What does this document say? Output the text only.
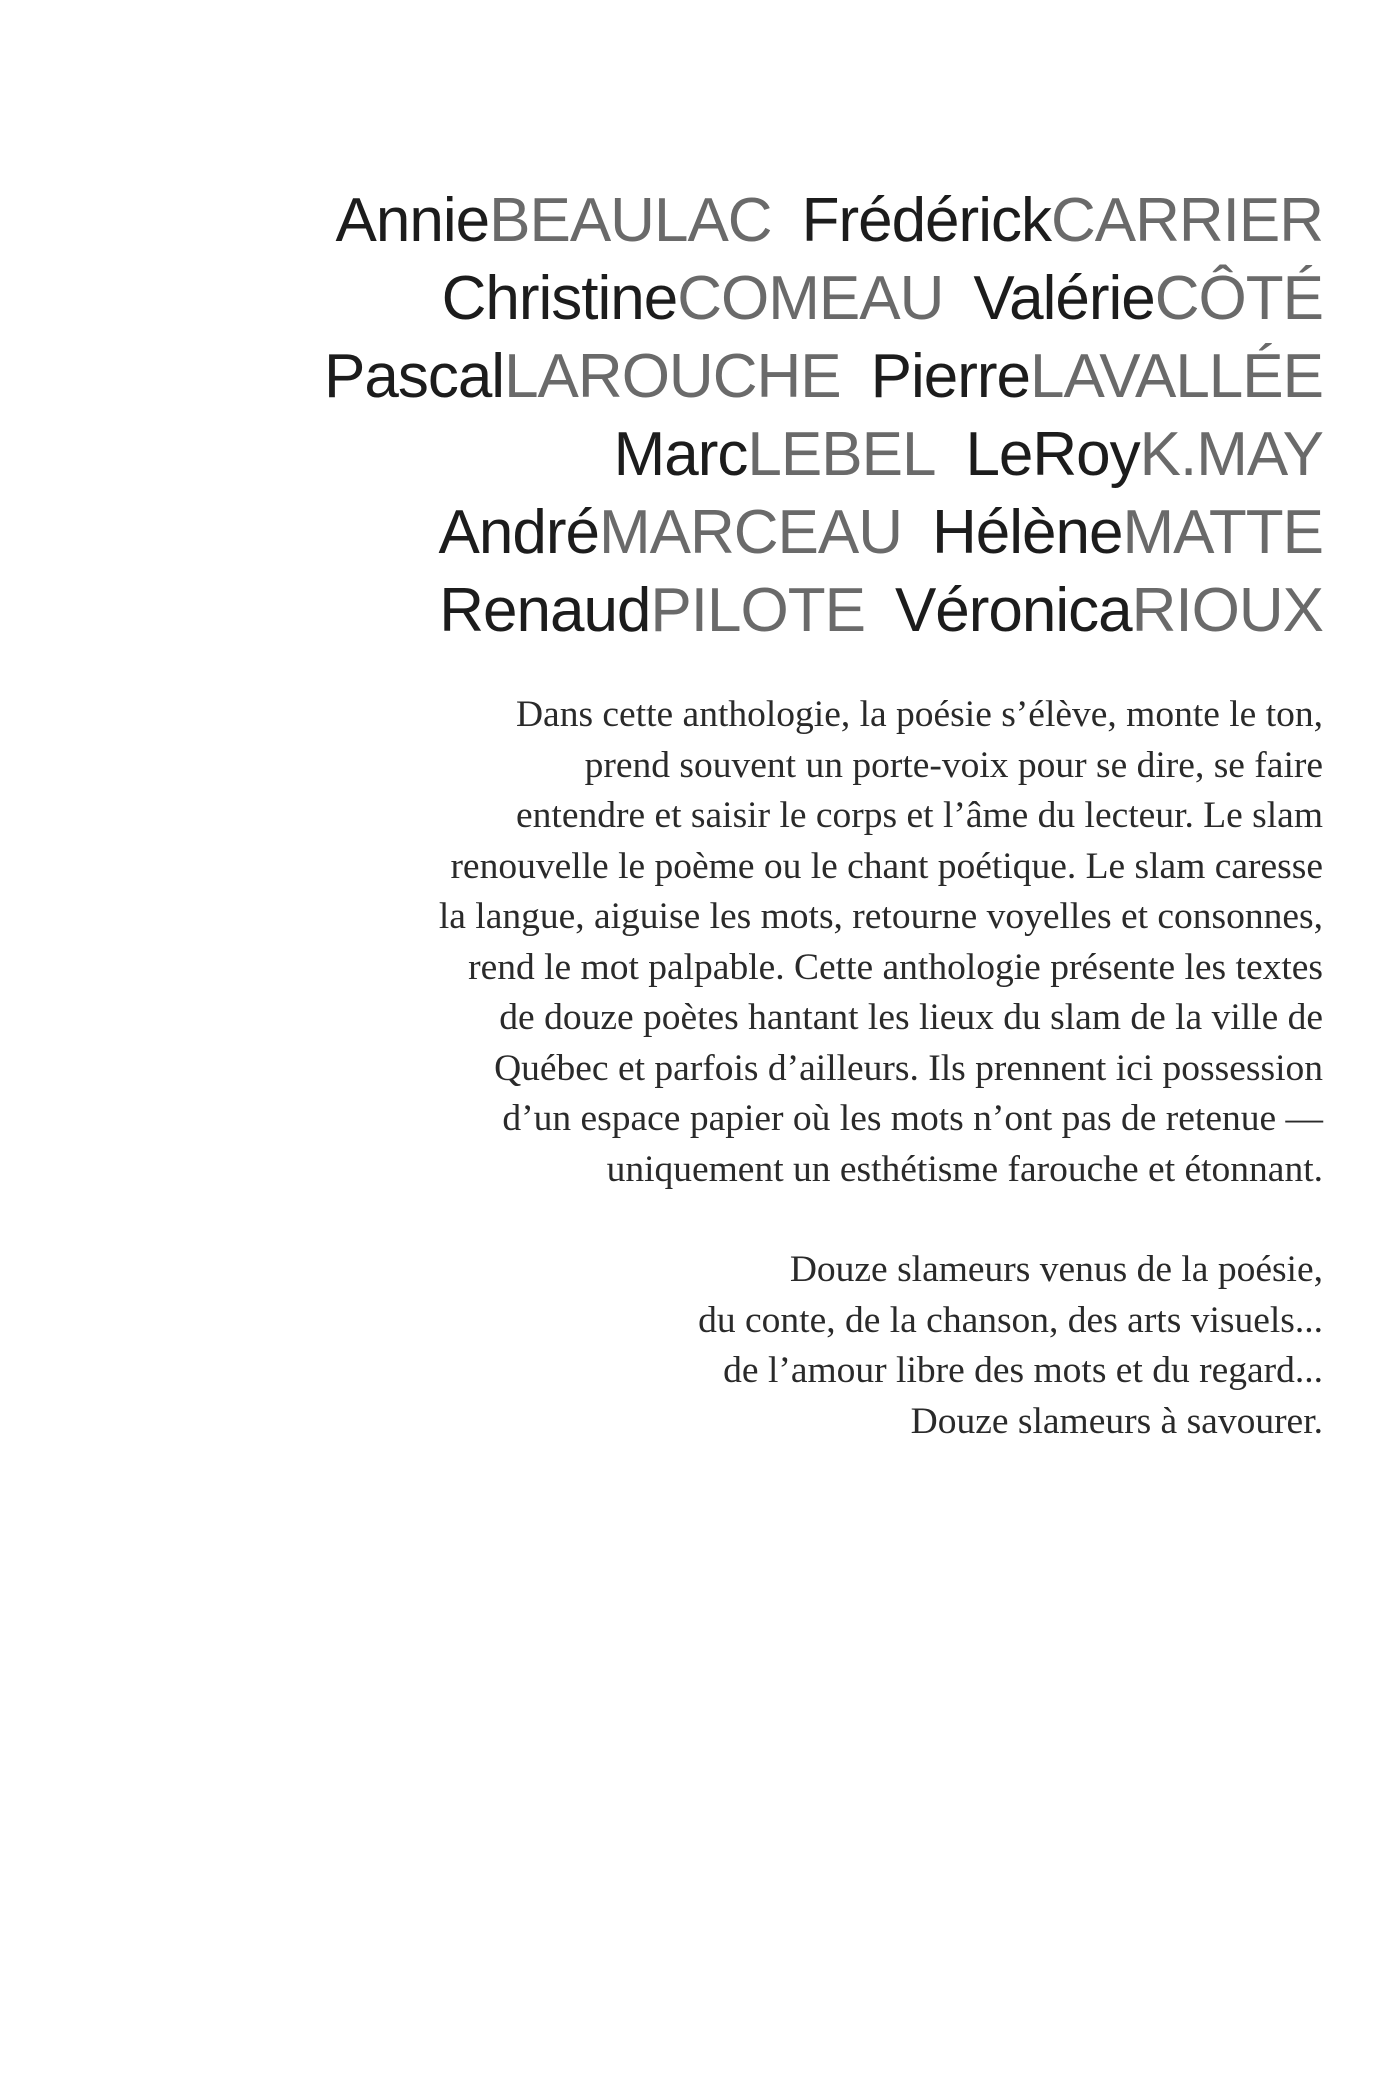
AnnieBEAULAC FrédérickCARRIER
ChristineCOMEAU ValérieCÔTÉ
PascalLAROUCHE PierreLAVALLÉE
MarcLEBEL LeRoyK.MAY
AndréMARCEAU HélèneMATTE
RenaudPILOTE VéronicaRIOUX
Dans cette anthologie, la poésie s’élève, monte le ton,
prend souvent un porte-voix pour se dire, se faire
entendre et saisir le corps et l’âme du lecteur. Le slam
renouvelle le poème ou le chant poétique. Le slam caresse
la langue, aiguise les mots, retourne voyelles et consonnes,
rend le mot palpable. Cette anthologie présente les textes
de douze poètes hantant les lieux du slam de la ville de
Québec et parfois d’ailleurs. Ils prennent ici possession
d’un espace papier où les mots n’ont pas de retenue —
uniquement un esthétisme farouche et étonnant.
Douze slameurs venus de la poésie,
du conte, de la chanson, des arts visuels...
de l’amour libre des mots et du regard...
Douze slameurs à savourer.
